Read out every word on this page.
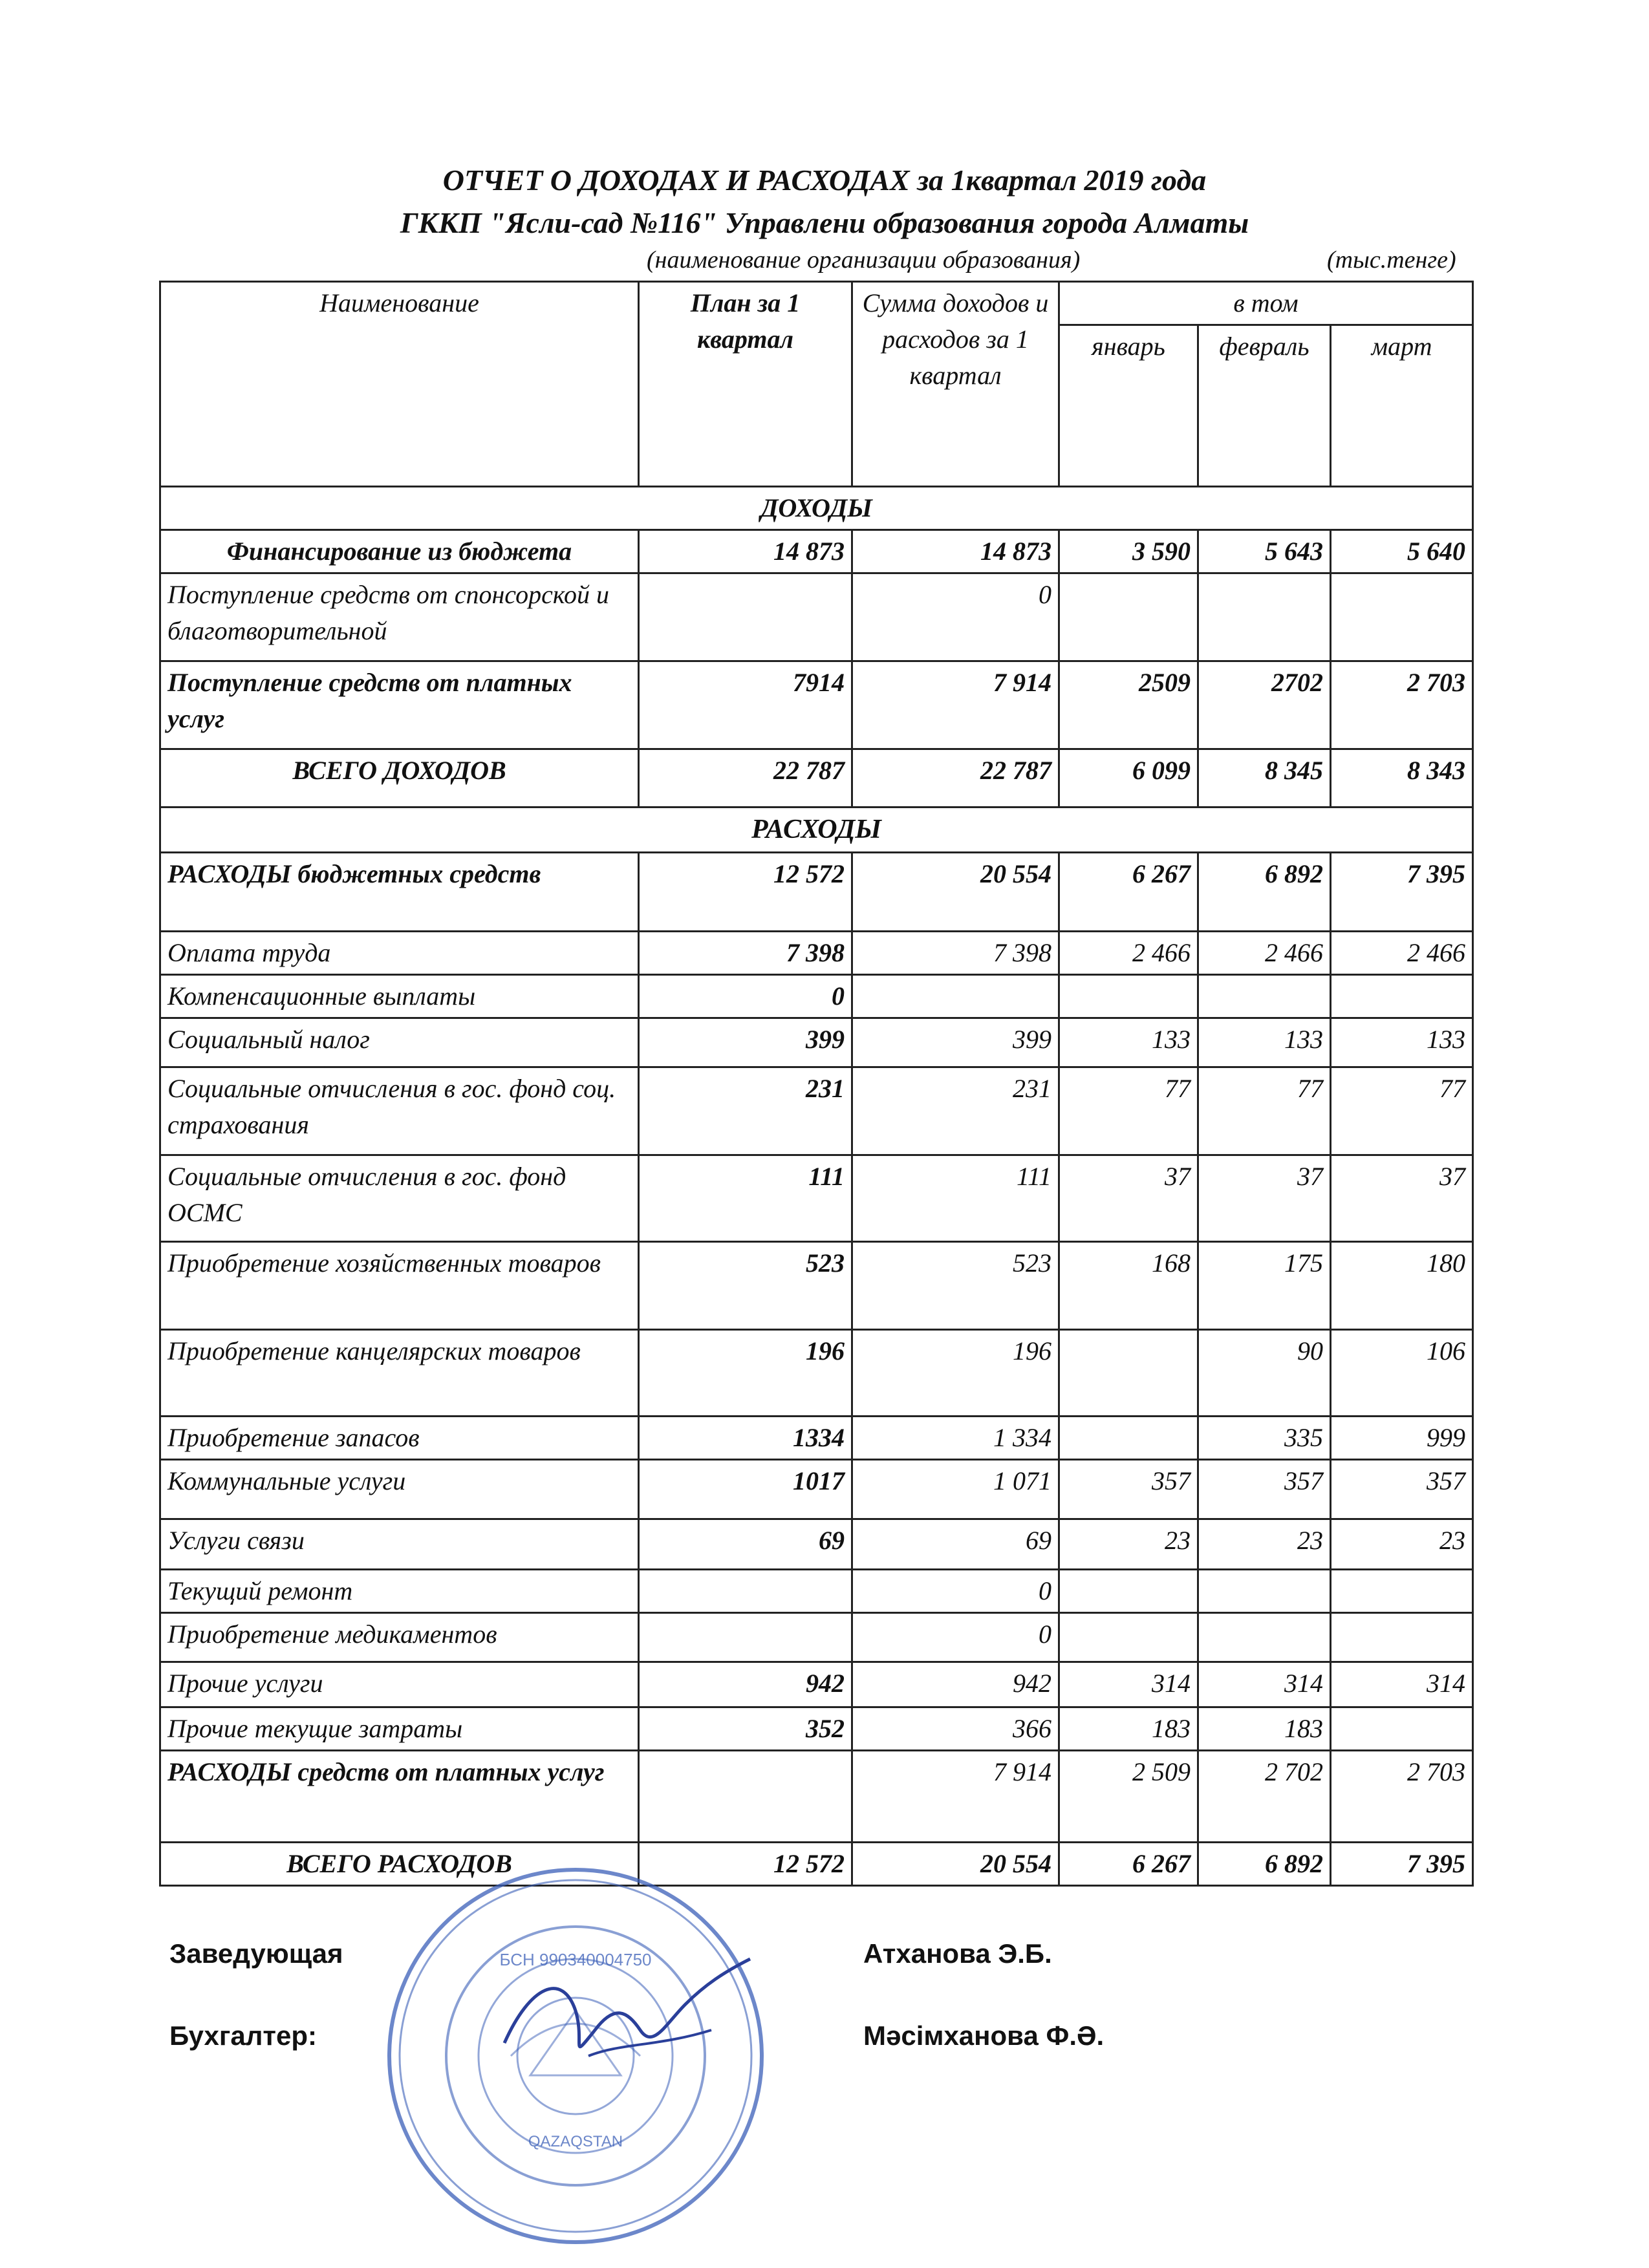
ОТЧЕТ О ДОХОДАХ И РАСХОДАХ за 1квартал 2019 года
ГККП "Ясли-сад №116" Управлени образования города Алматы
(наименование организации образования)	(тыс.тенге)
Наименование	План за 1 квартал	Сумма доходов и расходов за 1 квартал	в том		
			январь	февраль	март
ДОХОДЫ					
Финансирование из бюджета	14 873	14 873	3 590	5 643	5 640
Поступление средств от спонсорской и благотворительной		0			
Поступление средств от платных услуг	7914	7 914	2509	2702	2 703
ВСЕГО ДОХОДОВ	22 787	22 787	6 099	8 345	8 343
РАСХОДЫ					
РАСХОДЫ бюджетных средств	12 572	20 554	6 267	6 892	7 395
Оплата труда	7 398	7 398	2 466	2 466	2 466
Компенсационные выплаты	0				
Социальный налог	399	399	133	133	133
Социальные отчисления в гос. фонд соц. страхования	231	231	77	77	77
Социальные отчисления в гос. фонд ОСМС	111	111	37	37	37
Приобретение хозяйственных товаров	523	523	168	175	180
Приобретение канцелярских товаров	196	196		90	106
Приобретение запасов	1334	1 334		335	999
Коммунальные услуги	1017	1 071	357	357	357
Услуги связи	69	69	23	23	23
Текущий ремонт		0			
Приобретение медикаментов		0			
Прочие услуги	942	942	314	314	314
Прочие текущие затраты	352	366	183	183	
РАСХОДЫ средств от платных услуг		7 914	2 509	2 702	2 703
ВСЕГО РАСХОДОВ	12 572	20 554	6 267	6 892	7 395
Заведующая	Атханова Э.Б.
Бухгалтер:	Мәсімханова Ф.Ә.
БСН 990340004750
QAZAQSTAN
